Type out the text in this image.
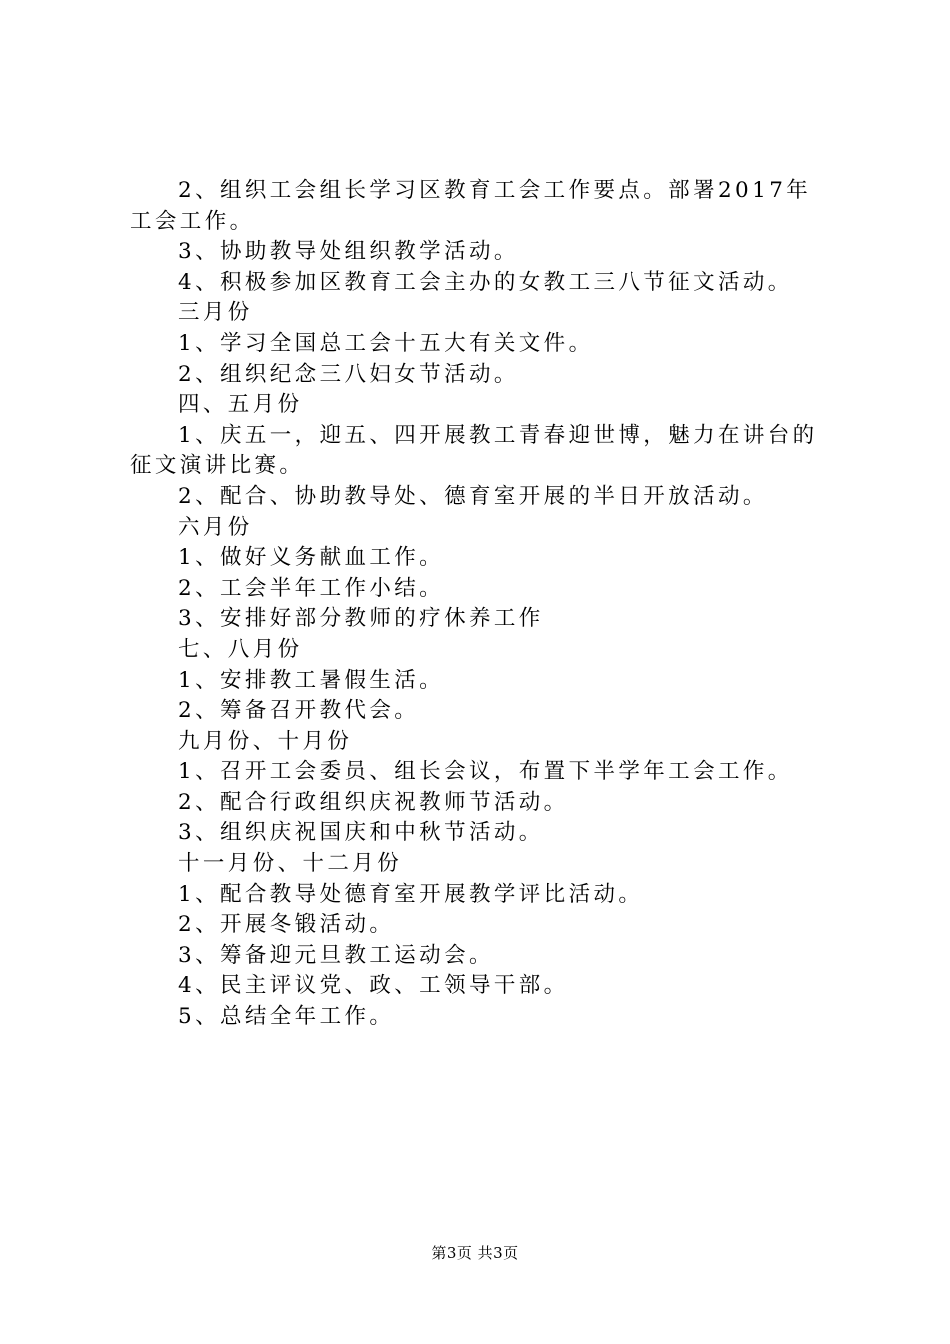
2、组织工会组长学习区教育工会工作要点。部署2017年工会工作。

3、协助教导处组织教学活动。

4、积极参加区教育工会主办的女教工三八节征文活动。

三月份

1、学习全国总工会十五大有关文件。

2、组织纪念三八妇女节活动。

四、五月份

1、庆五一，迎五、四开展教工青春迎世博，魅力在讲台的征文演讲比赛。

2、配合、协助教导处、德育室开展的半日开放活动。

六月份

1、做好义务献血工作。

2、工会半年工作小结。

3、安排好部分教师的疗休养工作

七、八月份

1、安排教工暑假生活。

2、筹备召开教代会。

九月份、十月份

1、召开工会委员、组长会议，布置下半学年工会工作。

2、配合行政组织庆祝教师节活动。

3、组织庆祝国庆和中秋节活动。

十一月份、十二月份

1、配合教导处德育室开展教学评比活动。

2、开展冬锻活动。

3、筹备迎元旦教工运动会。

4、民主评议党、政、工领导干部。

5、总结全年工作。

第3页 共3页
